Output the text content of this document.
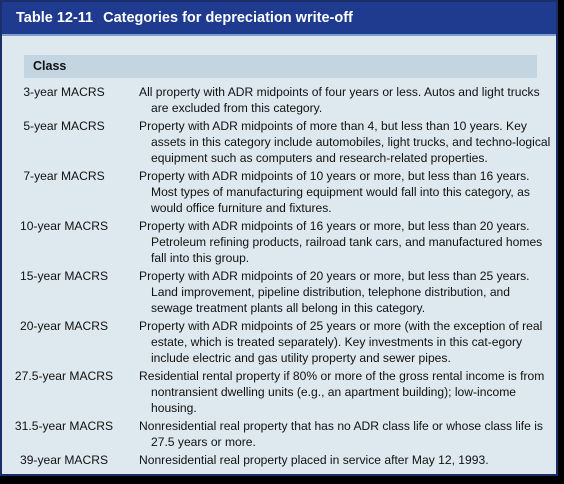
Table 12-11 Categories for depreciation write-off
Class
3-year MACRS	All property with ADR midpoints of four years or less. Autos and light trucks are excluded from this category.
5-year MACRS	Property with ADR midpoints of more than 4, but less than 10 years. Key assets in this category include automobiles, light trucks, and techno-logical equipment such as computers and research-related properties.
7-year MACRS	Property with ADR midpoints of 10 years or more, but less than 16 years. Most types of manufacturing equipment would fall into this category, as would office furniture and fixtures.
10-year MACRS	Property with ADR midpoints of 16 years or more, but less than 20 years. Petroleum refining products, railroad tank cars, and manufactured homes fall into this group.
15-year MACRS	Property with ADR midpoints of 20 years or more, but less than 25 years. Land improvement, pipeline distribution, telephone distribution, and sewage treatment plants all belong in this category.
20-year MACRS	Property with ADR midpoints of 25 years or more (with the exception of real estate, which is treated separately). Key investments in this cat-egory include electric and gas utility property and sewer pipes.
27.5-year MACRS	Residential rental property if 80% or more of the gross rental income is from nontransient dwelling units (e.g., an apartment building); low-income housing.
31.5-year MACRS	Nonresidential real property that has no ADR class life or whose class life is 27.5 years or more.
39-year MACRS	Nonresidential real property placed in service after May 12, 1993.
